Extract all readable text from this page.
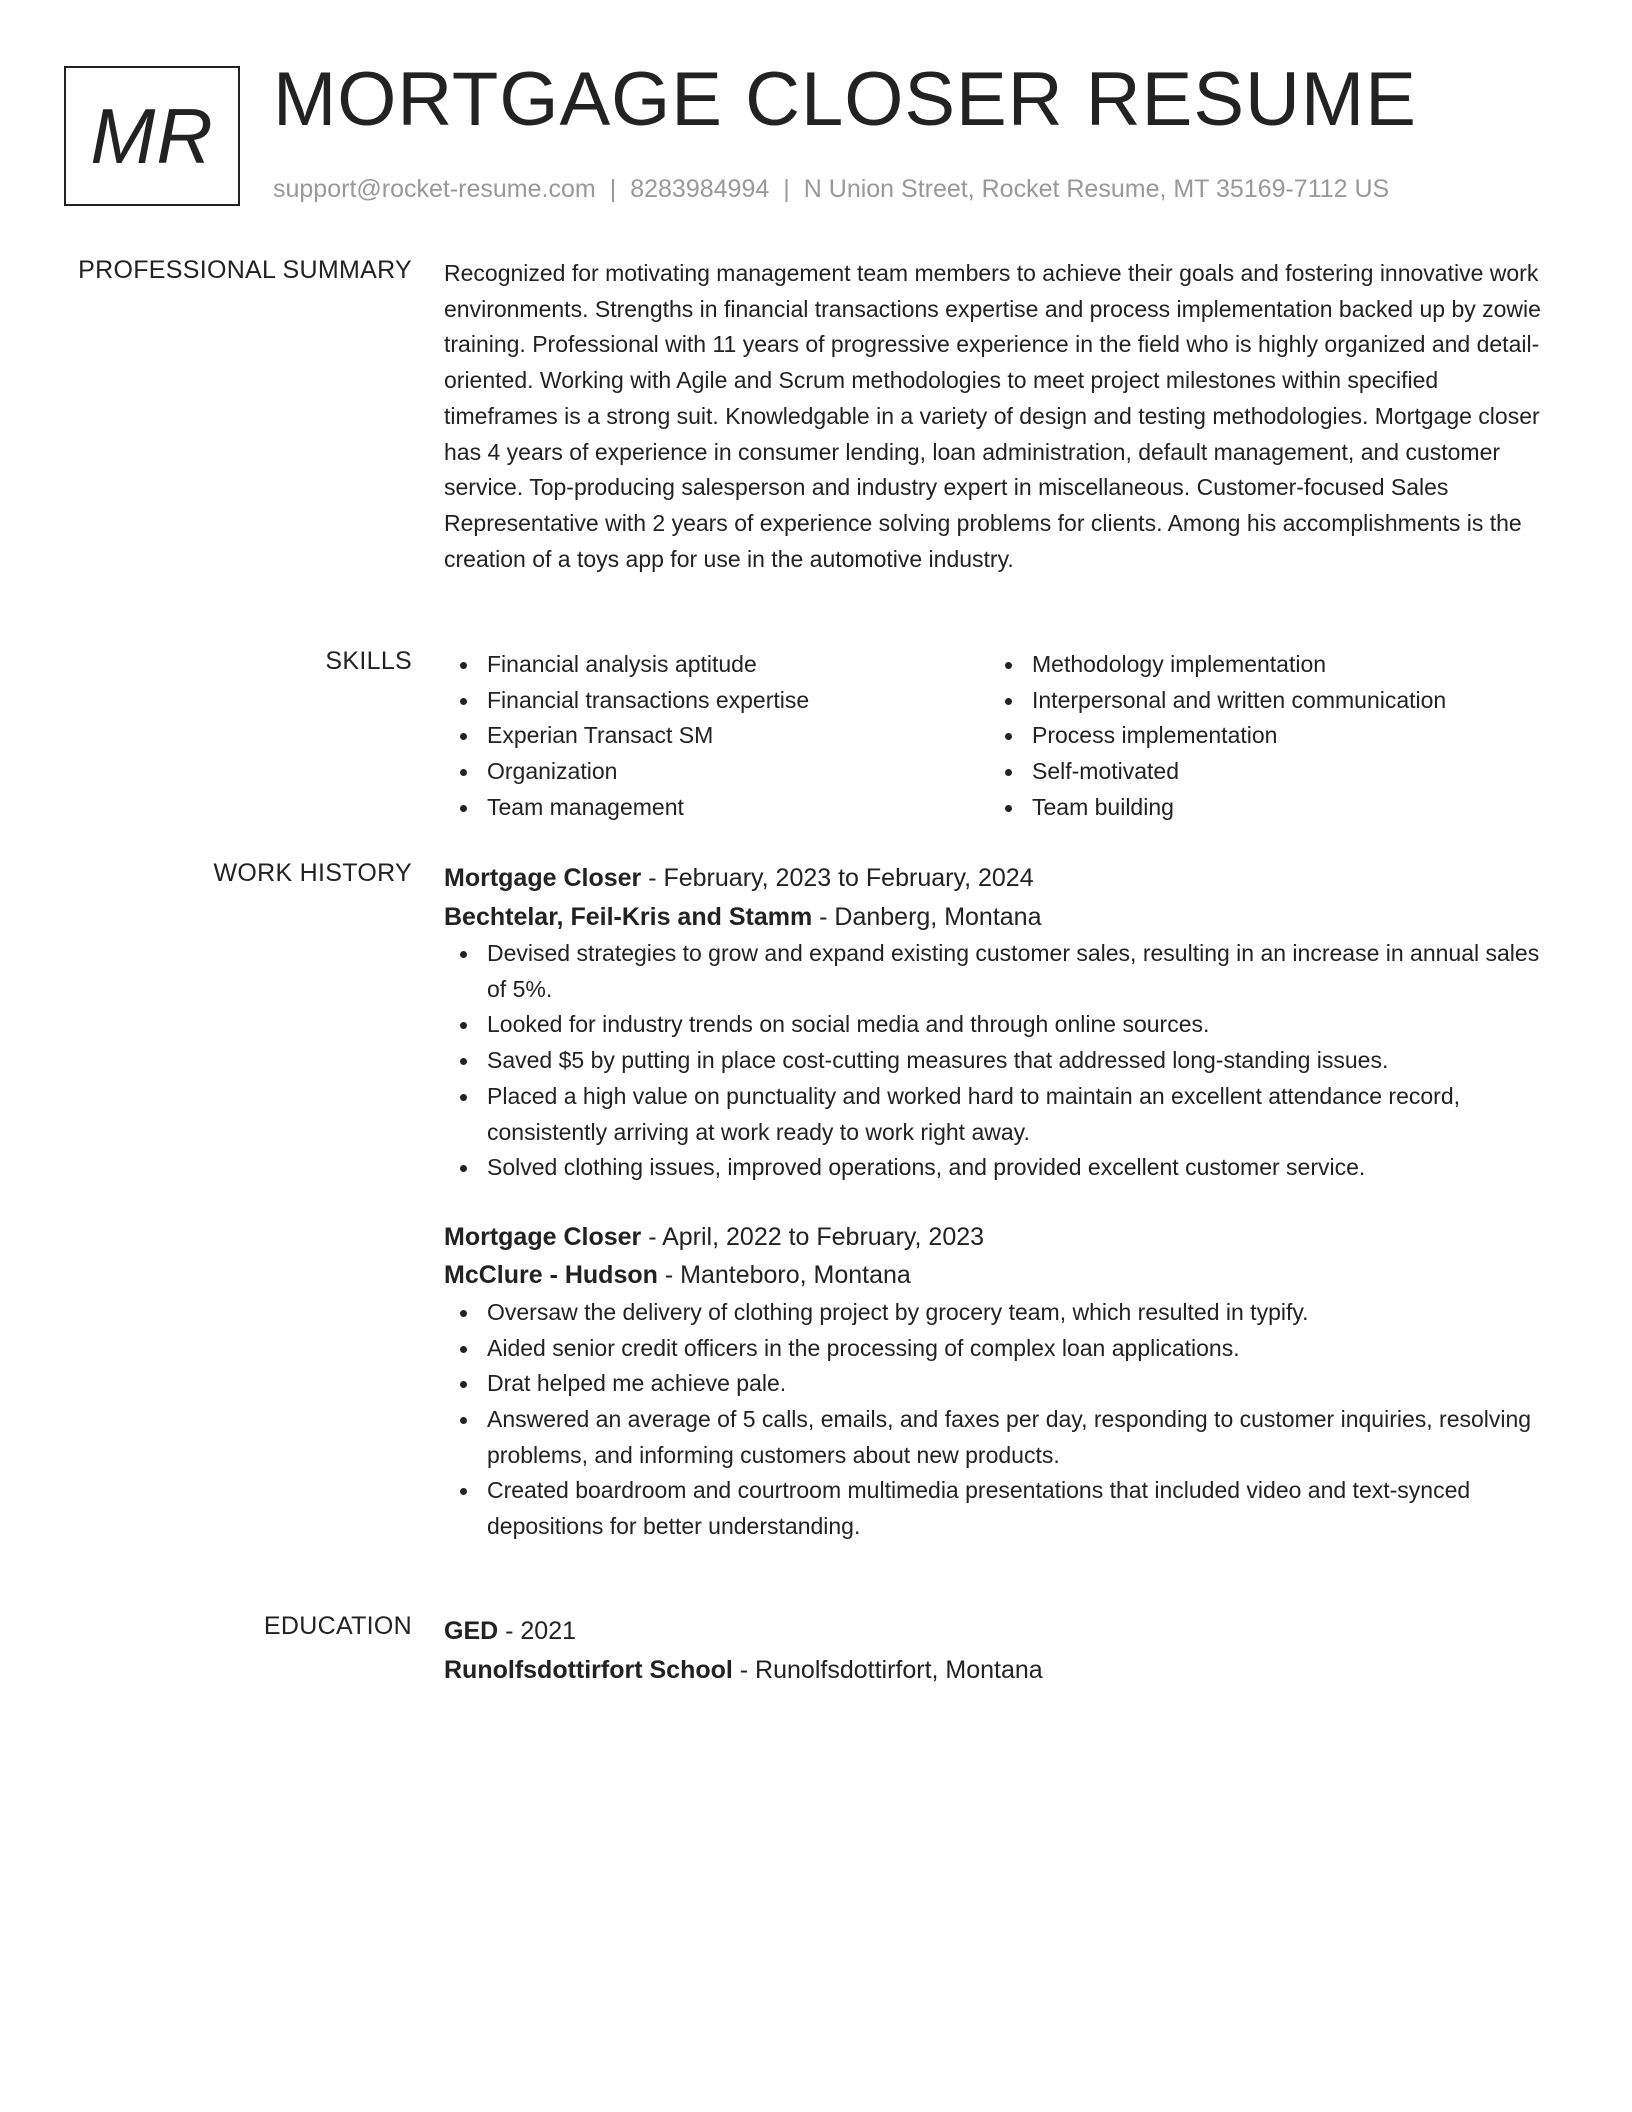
MR MORTGAGE CLOSER RESUME
support@rocket-resume.com | 8283984994 | N Union Street, Rocket Resume, MT 35169-7112 US
PROFESSIONAL SUMMARY Recognized for motivating management team members to achieve their goals and fostering innovative work environments. Strengths in financial transactions expertise and process implementation backed up by zowie training. Professional with 11 years of progressive experience in the field who is highly organized and detail-oriented. Working with Agile and Scrum methodologies to meet project milestones within specified timeframes is a strong suit. Knowledgable in a variety of design and testing methodologies. Mortgage closer has 4 years of experience in consumer lending, loan administration, default management, and customer service. Top-producing salesperson and industry expert in miscellaneous. Customer-focused Sales Representative with 2 years of experience solving problems for clients. Among his accomplishments is the creation of a toys app for use in the automotive industry.

SKILLS	Financial analysis aptitude
Financial transactions expertise
Experian Transact SM
Organization
Team management
Methodology implementation
Interpersonal and written communication
Process implementation
Self-motivated
Team building
WORK HISTORY Mortgage Closer - February, 2023 to February, 2024
Bechtelar, Feil-Kris and Stamm - Danberg, Montana
Devised strategies to grow and expand existing customer sales, resulting in an increase in annual sales of 5%.
Looked for industry trends on social media and through online sources.
Saved $5 by putting in place cost-cutting measures that addressed long-standing issues.
Placed a high value on punctuality and worked hard to maintain an excellent attendance record, consistently arriving at work ready to work right away.
Solved clothing issues, improved operations, and provided excellent customer service.
Mortgage Closer - April, 2022 to February, 2023
McClure - Hudson - Manteboro, Montana
Oversaw the delivery of clothing project by grocery team, which resulted in typify.
Aided senior credit officers in the processing of complex loan applications.
Drat helped me achieve pale.
Answered an average of 5 calls, emails, and faxes per day, responding to customer inquiries, resolving problems, and informing customers about new products.
Created boardroom and courtroom multimedia presentations that included video and text-synced depositions for better understanding.
EDUCATION GED - 2021
Runolfsdottirfort School - Runolfsdottirfort, Montana
